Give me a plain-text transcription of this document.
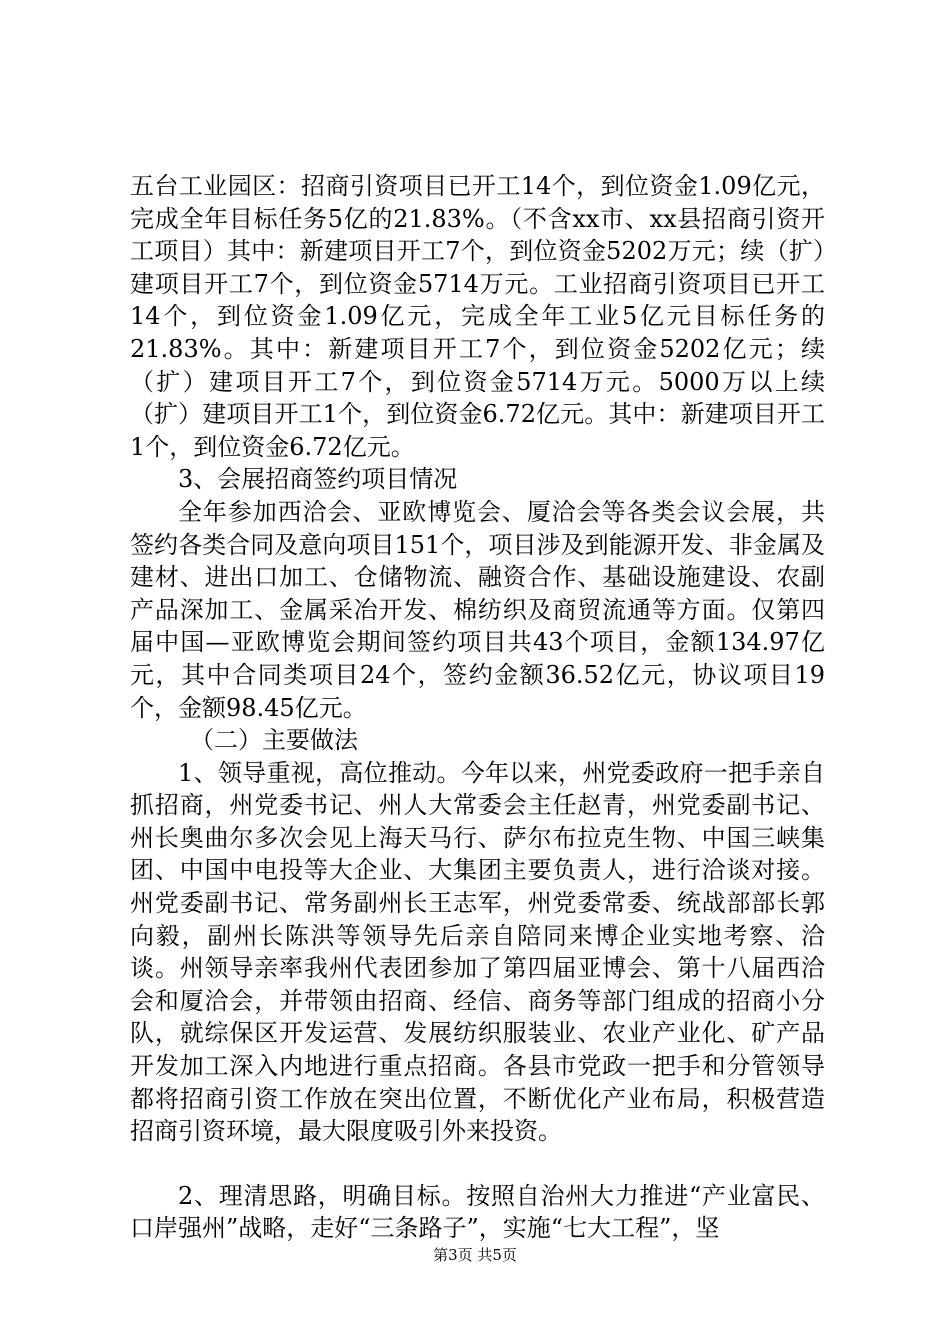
五台工业园区：招商引资项目已开工14个，到位资金1.09亿元，完成全年目标任务5亿的21.83%。（不含xx市、xx县招商引资开工项目）其中：新建项目开工7个，到位资金5202万元；续（扩）建项目开工7个，到位资金5714万元。工业招商引资项目已开工14个，到位资金1.09亿元，完成全年工业5亿元目标任务的21.83%。其中：新建项目开工7个，到位资金5202亿元；续（扩）建项目开工7个，到位资金5714万元。5000万以上续（扩）建项目开工1个，到位资金6.72亿元。其中：新建项目开工1个，到位资金6.72亿元。

3、会展招商签约项目情况

全年参加西洽会、亚欧博览会、厦洽会等各类会议会展，共签约各类合同及意向项目151个，项目涉及到能源开发、非金属及建材、进出口加工、仓储物流、融资合作、基础设施建设、农副产品深加工、金属采冶开发、棉纺织及商贸流通等方面。仅第四届中国—亚欧博览会期间签约项目共43个项目，金额134.97亿元，其中合同类项目24个，签约金额36.52亿元，协议项目19个，金额98.45亿元。

（二）主要做法

1、领导重视，高位推动。今年以来，州党委政府一把手亲自抓招商，州党委书记、州人大常委会主任赵青，州党委副书记、州长奥曲尔多次会见上海天马行、萨尔布拉克生物、中国三峡集团、中国中电投等大企业、大集团主要负责人，进行洽谈对接。州党委副书记、常务副州长王志军，州党委常委、统战部部长郭向毅，副州长陈洪等领导先后亲自陪同来博企业实地考察、洽谈。州领导亲率我州代表团参加了第四届亚博会、第十八届西洽会和厦洽会，并带领由招商、经信、商务等部门组成的招商小分队，就综保区开发运营、发展纺织服装业、农业产业化、矿产品开发加工深入内地进行重点招商。各县市党政一把手和分管领导都将招商引资工作放在突出位置，不断优化产业布局，积极营造招商引资环境，最大限度吸引外来投资。

2、理清思路，明确目标。按照自治州大力推进“产业富民、口岸强州”战略，走好“三条路子”，实施“七大工程”，坚

第3页 共5页
